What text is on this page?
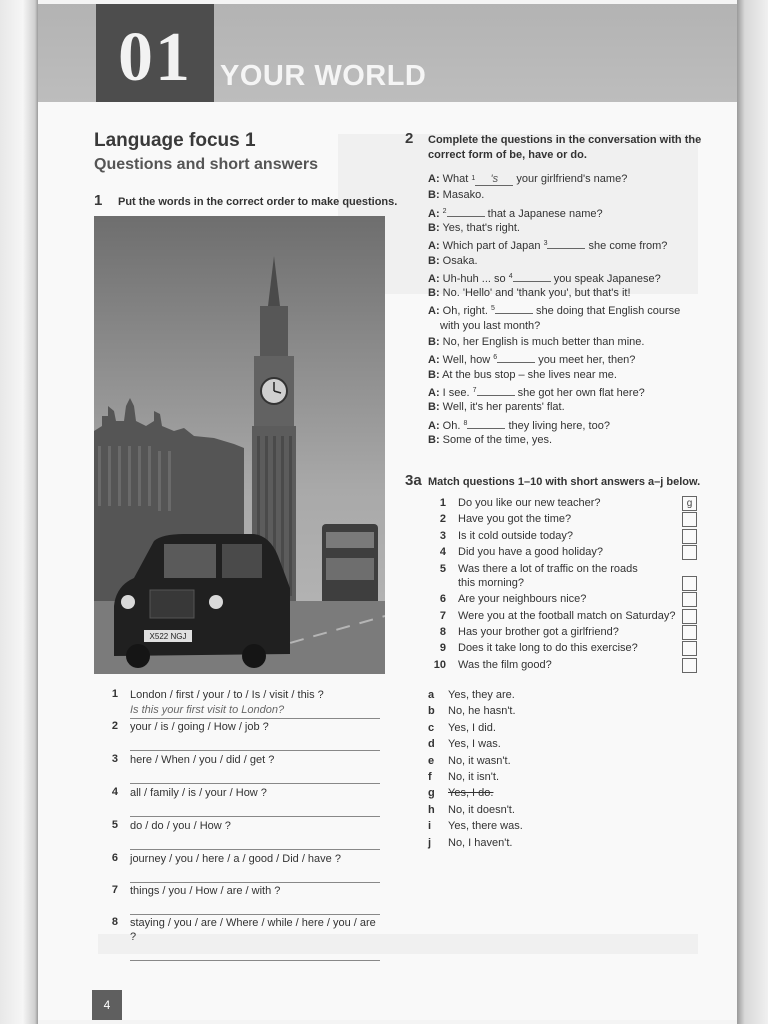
01 YOUR WORLD
Language focus 1
Questions and short answers
1 Put the words in the correct order to make questions.
X522 NGJ
1 London / first / your / to / Is / visit / this ?
Is this your first visit to London?
2 your / is / going / How / job ?
3 here / When / you / did / get ?
4 all / family / is / your / How ?
5 do / do / you / How ?
6 journey / you / here / a / good / Did / have ?
7 things / you / How / are / with ?
8 staying / you / are / Where / while / here / you / are ?
2 Complete the questions in the conversation with the
correct form of be, have or do.
A: What $^1$ 's your girlfriend's name?
B: Masako.
A: $^2$	that a Japanese name?
B: Yes, that's right.
A: Which part of Japan $^3$	she come from?
B: Osaka.
A: Uh-huh ... so $^4$	you speak Japanese?
B: No. 'Hello' and 'thank you', but that's it!
A: Oh, right. $^5$	she doing that English course
with you last month?
B: No, her English is much better than mine.
A: Well, how $^6$	you meet her, then?
B: At the bus stop – she lives near me.
A: I see. $^7$	she got her own flat here?
B: Well, it's her parents' flat.
A: Oh. $^8$	they living here, too?
B: Some of the time, yes.
3a Match questions 1–10 with short answers a–j below.
1 Do you like our new teacher?	g
2 Have you got the time?
3 Is it cold outside today?
4 Did you have a good holiday?
5 Was there a lot of traffic on the roads
this morning?
6 Are your neighbours nice?
7 Were you at the football match on Saturday?
8 Has your brother got a girlfriend?
9 Does it take long to do this exercise?
10 Was the film good?
a	Yes, they are.
b	No, he hasn't.
c	Yes, I did.
d	Yes, I was.
e	No, it wasn't.
f	No, it isn't.
g	Yes, I do.
h	No, it doesn't.
i	Yes, there was.
j	No, I haven't.
4
